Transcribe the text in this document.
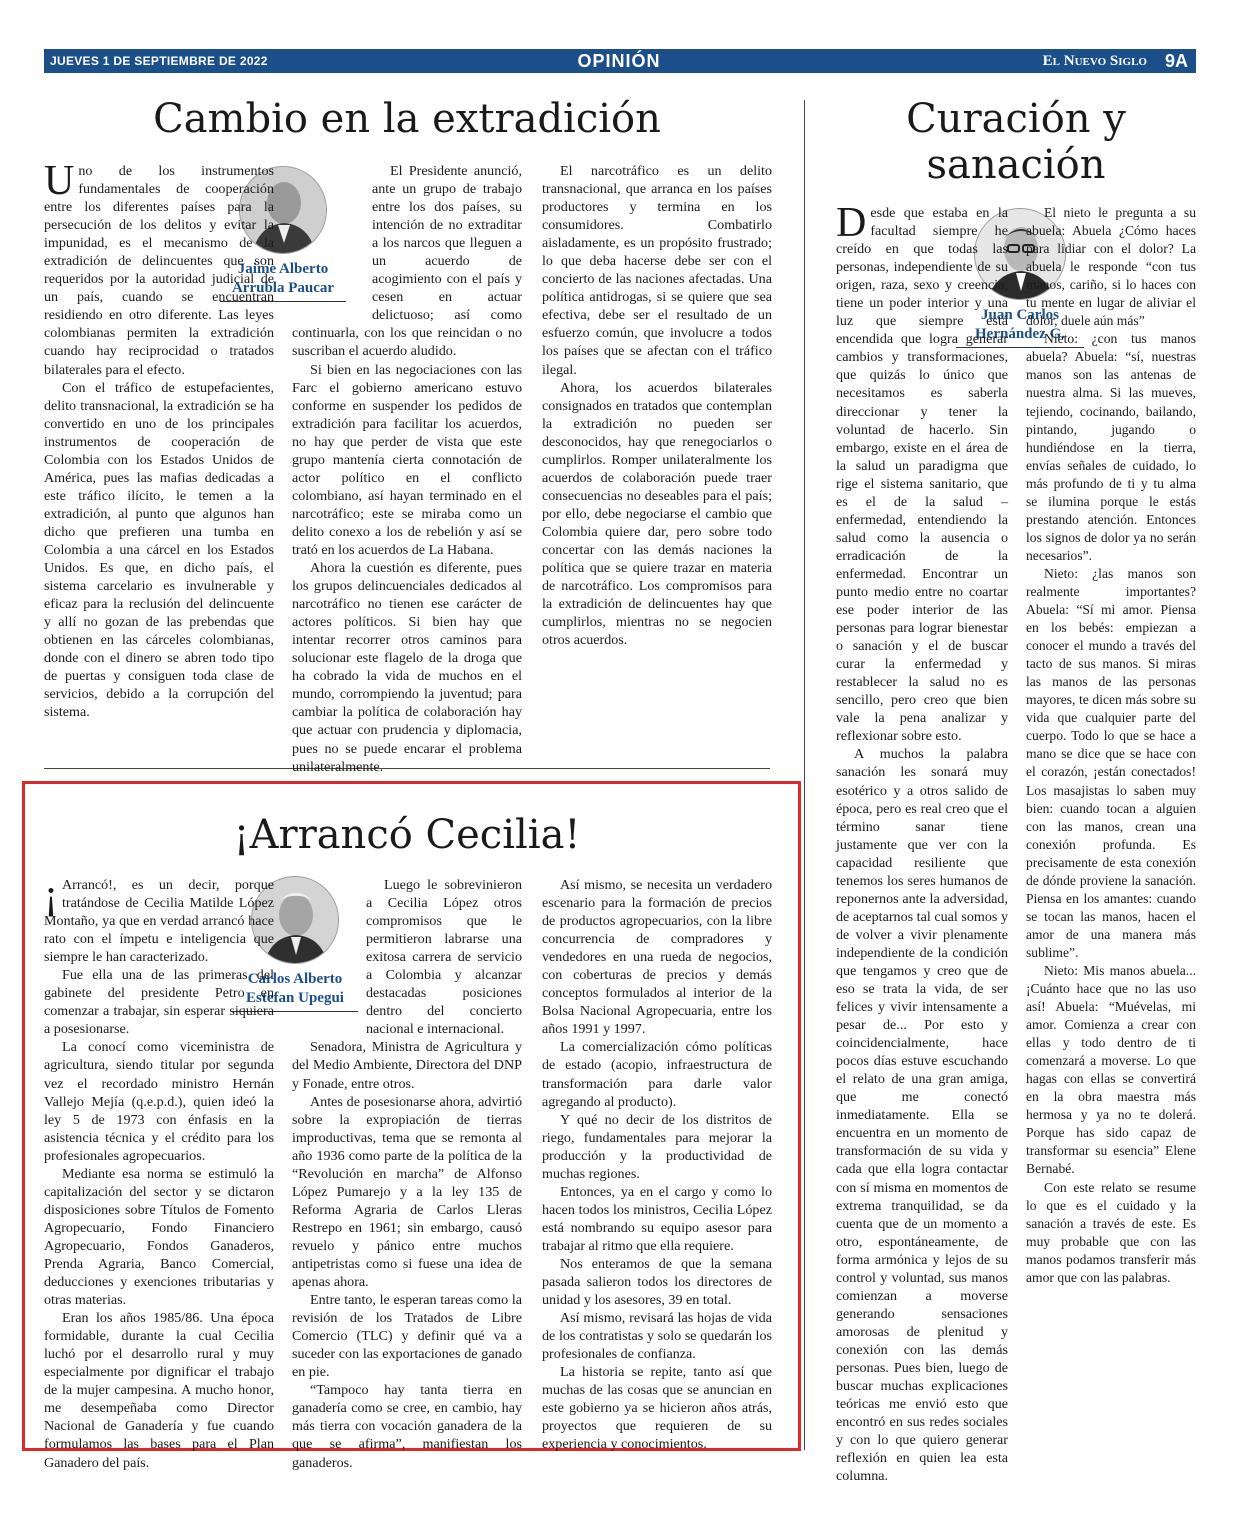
JUEVES 1 DE SEPTIEMBRE DE 2022	OPINIÓN	El Nuevo Siglo 9A
Cambio en la extradición
Jaime Alberto Arrubla Paucar

Uno de los instrumentos fundamentales de cooperación entre los diferentes países para la persecución de los delitos y evitar la impunidad, es el mecanismo de la extradición de delincuentes que son requeridos por la autoridad judicial de un país, cuando se encuentran residiendo en otro diferente. Las leyes colombianas permiten la extradición cuando hay reciprocidad o tratados bilaterales para el efecto.

Con el tráfico de estupefacientes, delito transnacional, la extradición se ha convertido en uno de los principales instrumentos de cooperación de Colombia con los Estados Unidos de América, pues las mafias dedicadas a este tráfico ilícito, le temen a la extradición, al punto que algunos han dicho que prefieren una tumba en Colombia a una cárcel en los Estados Unidos. Es que, en dicho país, el sistema carcelario es invulnerable y eficaz para la reclusión del delincuente y allí no gozan de las prebendas que obtienen en las cárceles colombianas, donde con el dinero se abren todo tipo de puertas y consiguen toda clase de servicios, debido a la corrupción del sistema.

El Presidente anunció, ante un grupo de trabajo entre los dos países, su intención de no extraditar a los narcos que lleguen a un acuerdo de acogimiento con el país y cesen en actuar delictuoso; así como continuarla, con los que reincidan o no suscriban el acuerdo aludido.

Si bien en las negociaciones con las Farc el gobierno americano estuvo conforme en suspender los pedidos de extradición para facilitar los acuerdos, no hay que perder de vista que este grupo mantenía cierta connotación de actor político en el conflicto colombiano, así hayan terminado en el narcotráfico; este se miraba como un delito conexo a los de rebelión y así se trató en los acuerdos de La Habana.

Ahora la cuestión es diferente, pues los grupos delincuenciales dedicados al narcotráfico no tienen ese carácter de actores políticos. Si bien hay que intentar recorrer otros caminos para solucionar este flagelo de la droga que ha cobrado la vida de muchos en el mundo, corrompiendo la juventud; para cambiar la política de colaboración hay que actuar con prudencia y diplomacia, pues no se puede encarar el problema unilateralmente.

El narcotráfico es un delito transnacional, que arranca en los países productores y termina en los consumidores. Combatirlo aisladamente, es un propósito frustrado; lo que deba hacerse debe ser con el concierto de las naciones afectadas. Una política antidrogas, si se quiere que sea efectiva, debe ser el resultado de un esfuerzo común, que involucre a todos los países que se afectan con el tráfico ilegal.

Ahora, los acuerdos bilaterales consignados en tratados que contemplan la extradición no pueden ser desconocidos, hay que renegociarlos o cumplirlos. Romper unilateralmente los acuerdos de colaboración puede traer consecuencias no deseables para el país; por ello, debe negociarse el cambio que Colombia quiere dar, pero sobre todo concertar con las demás naciones la política que se quiere trazar en materia de narcotráfico. Los compromisos para la extradición de delincuentes hay que cumplirlos, mientras no se negocien otros acuerdos.

¡Arrancó Cecilia!
Carlos Alberto Estefan Upegui

¡ Arrancó!, es un decir, porque tratándose de Cecilia Matilde López Montaño, ya que en verdad arrancó hace rato con el ímpetu e inteligencia que siempre le han caracterizado.

Fue ella una de las primeras del gabinete del presidente Petro en comenzar a trabajar, sin esperar siquiera a posesionarse.

La conocí como viceministra de agricultura, siendo titular por segunda vez el recordado ministro Hernán Vallejo Mejía (q.e.p.d.), quien ideó la ley 5 de 1973 con énfasis en la asistencia técnica y el crédito para los profesionales agropecuarios.

Mediante esa norma se estimuló la capitalización del sector y se dictaron disposiciones sobre Títulos de Fomento Agropecuario, Fondo Financiero Agropecuario, Fondos Ganaderos, Prenda Agraria, Banco Comercial, deducciones y exenciones tributarias y otras materias.

Eran los años 1985/86. Una época formidable, durante la cual Cecilia luchó por el desarrollo rural y muy especialmente por dignificar el trabajo de la mujer campesina. A mucho honor, me desempeñaba como Director Nacional de Ganadería y fue cuando formulamos las bases para el Plan Ganadero del país.

Luego le sobrevinieron a Cecilia López otros compromisos que le permitieron labrarse una exitosa carrera de servicio a Colombia y alcanzar destacadas posiciones dentro del concierto nacional e internacional.

Senadora, Ministra de Agricultura y del Medio Ambiente, Directora del DNP y Fonade, entre otros.

Antes de posesionarse ahora, advirtió sobre la expropiación de tierras improductivas, tema que se remonta al año 1936 como parte de la política de la “Revolución en marcha” de Alfonso López Pumarejo y a la ley 135 de Reforma Agraria de Carlos Lleras Restrepo en 1961; sin embargo, causó revuelo y pánico entre muchos antipetristas como si fuese una idea de apenas ahora.

Entre tanto, le esperan tareas como la revisión de los Tratados de Libre Comercio (TLC) y definir qué va a suceder con las exportaciones de ganado en pie.

“Tampoco hay tanta tierra en ganadería como se cree, en cambio, hay más tierra con vocación ganadera de la que se afirma”, manifiestan los ganaderos.

Así mismo, se necesita un verdadero escenario para la formación de precios de productos agropecuarios, con la libre concurrencia de compradores y vendedores en una rueda de negocios, con coberturas de precios y demás conceptos formulados al interior de la Bolsa Nacional Agropecuaria, entre los años 1991 y 1997.

La comercialización cómo políticas de estado (acopio, infraestructura de transformación para darle valor agregando al producto).

Y qué no decir de los distritos de riego, fundamentales para mejorar la producción y la productividad de muchas regiones.

Entonces, ya en el cargo y como lo hacen todos los ministros, Cecilia López está nombrando su equipo asesor para trabajar al ritmo que ella requiere.

Nos enteramos de que la semana pasada salieron todos los directores de unidad y los asesores, 39 en total.

Así mismo, revisará las hojas de vida de los contratistas y solo se quedarán los profesionales de confianza.

La historia se repite, tanto así que muchas de las cosas que se anuncian en este gobierno ya se hicieron años atrás, proyectos que requieren de su experiencia y conocimientos.

Curación y sanación
Juan Carlos Hernández G.

Desde que estaba en la facultad siempre he creído en que todas las personas, independiente de su origen, raza, sexo y creencia, tiene un poder interior y una luz que siempre está encendida que logra generar cambios y transformaciones, que quizás lo único que necesitamos es saberla direccionar y tener la voluntad de hacerlo. Sin embargo, existe en el área de la salud un paradigma que rige el sistema sanitario, que es el de la salud – enfermedad, entendiendo la salud como la ausencia o erradicación de la enfermedad. Encontrar un punto medio entre no coartar ese poder interior de las personas para lograr bienestar o sanación y el de buscar curar la enfermedad y restablecer la salud no es sencillo, pero creo que bien vale la pena analizar y reflexionar sobre esto.

A muchos la palabra sanación les sonará muy esotérico y a otros salido de época, pero es real creo que el término sanar tiene justamente que ver con la capacidad resiliente que tenemos los seres humanos de reponernos ante la adversidad, de aceptarnos tal cual somos y de volver a vivir plenamente independiente de la condición que tengamos y creo que de eso se trata la vida, de ser felices y vivir intensamente a pesar de... Por esto y coincidencialmente, hace pocos días estuve escuchando el relato de una gran amiga, que me conectó inmediatamente. Ella se encuentra en un momento de transformación de su vida y cada que ella logra contactar con sí misma en momentos de extrema tranquilidad, se da cuenta que de un momento a otro, espontáneamente, de forma armónica y lejos de su control y voluntad, sus manos comienzan a moverse generando sensaciones amorosas de plenitud y conexión con las demás personas. Pues bien, luego de buscar muchas explicaciones teóricas me envió esto que encontró en sus redes sociales y con lo que quiero generar reflexión en quien lea esta columna.

El nieto le pregunta a su abuela: Abuela ¿Cómo haces para lidiar con el dolor? La abuela le responde “con tus manos, cariño, si lo haces con tu mente en lugar de aliviar el dolor, duele aún más”

Nieto: ¿con tus manos abuela? Abuela: “sí, nuestras manos son las antenas de nuestra alma. Si las mueves, tejiendo, cocinando, bailando, pintando, jugando o hundiéndose en la tierra, envías señales de cuidado, lo más profundo de ti y tu alma se ilumina porque le estás prestando atención. Entonces los signos de dolor ya no serán necesarios”.

Nieto: ¿las manos son realmente importantes? Abuela: “Sí mi amor. Piensa en los bebés: empiezan a conocer el mundo a través del tacto de sus manos. Si miras las manos de las personas mayores, te dicen más sobre su vida que cualquier parte del cuerpo. Todo lo que se hace a mano se dice que se hace con el corazón, ¡están conectados! Los masajistas lo saben muy bien: cuando tocan a alguien con las manos, crean una conexión profunda. Es precisamente de esta conexión de dónde proviene la sanación. Piensa en los amantes: cuando se tocan las manos, hacen el amor de una manera más sublime”.

Nieto: Mis manos abuela... ¡Cuánto hace que no las uso así! Abuela: “Muévelas, mi amor. Comienza a crear con ellas y todo dentro de ti comenzará a moverse. Lo que hagas con ellas se convertirá en la obra maestra más hermosa y ya no te dolerá. Porque has sido capaz de transformar su esencia” Elene Bernabé.

Con este relato se resume lo que es el cuidado y la sanación a través de este. Es muy probable que con las manos podamos transferir más amor que con las palabras.
